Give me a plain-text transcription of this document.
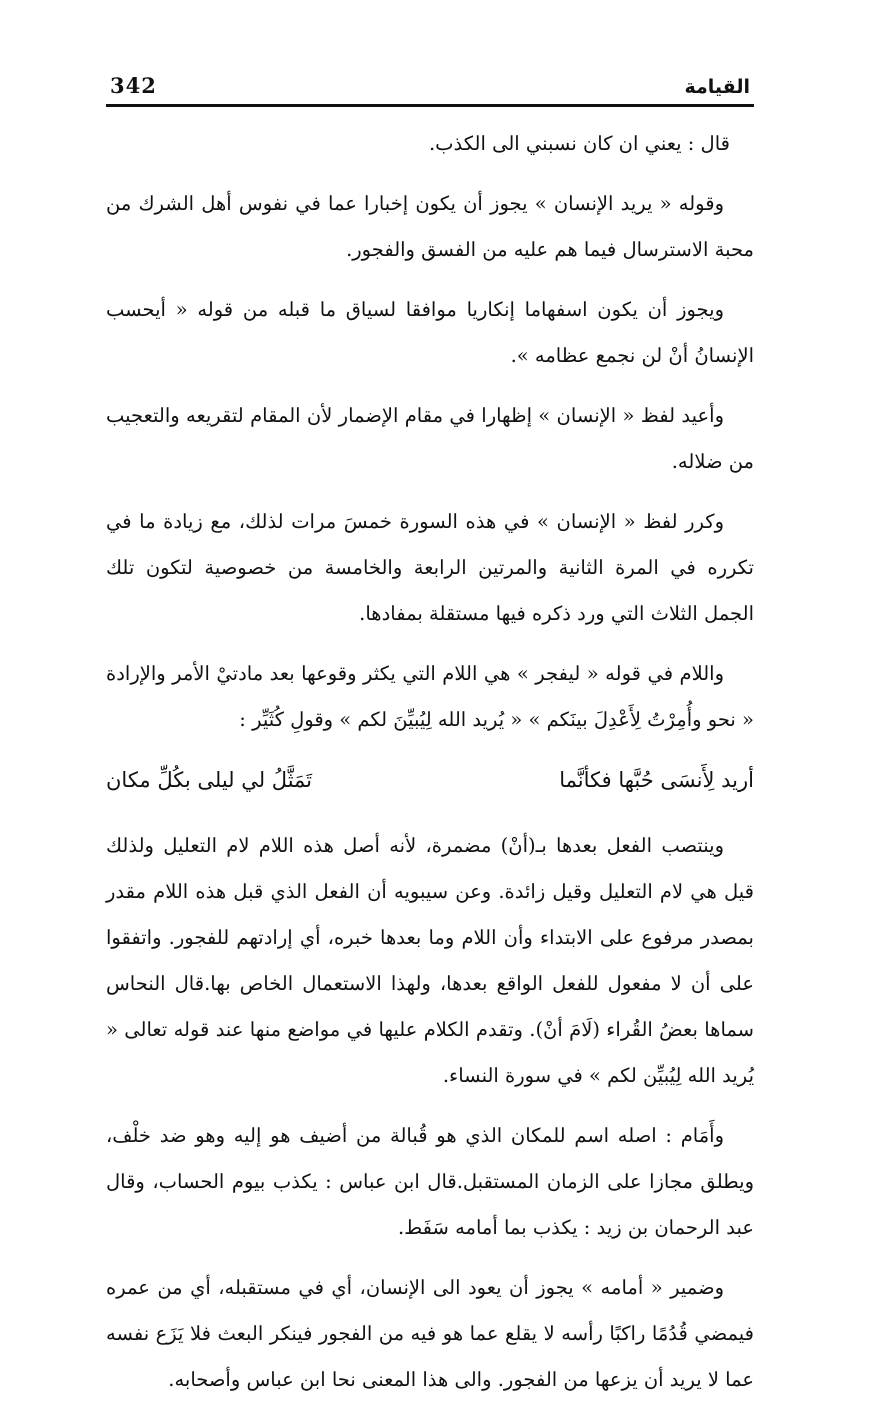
342	القيامة

قال : يعني ان كان نسبني الى الكذب.

وقوله « يريد الإنسان » يجوز أن يكون إخبارا عما في نفوس أهل الشرك من محبة الاسترسال فيما هم عليه من الفسق والفجور.

ويجوز أن يكون اسفهاما إنكاريا موافقا لسياق ما قبله من قوله « أيحسب الإنسانُ أنْ لن نجمع عظامه ».

وأعيد لفظ « الإنسان » إظهارا في مقام الإضمار لأن المقام لتقريعه والتعجيب من ضلاله.

وكرر لفظ « الإنسان » في هذه السورة خمسَ مرات لذلك، مع زيادة ما في تكرره في المرة الثانية والمرتين الرابعة والخامسة من خصوصية لتكون تلك الجمل الثلاث التي ورد ذكره فيها مستقلة بمفادها.

واللام في قوله « ليفجر » هي اللام التي يكثر وقوعها بعد مادتيْ الأمر والإرادة « نحو وأُمِرْتُ لِأَعْدِلَ بينَكم » « يُريد الله لِيُبيِّنَ لكم » وقولِ كُثَيِّر :

أريد لِأَنسَى حُبَّها فكأنَّما
تَمَثَّلُ لي ليلى بكُلِّ مكان

وينتصب الفعل بعدها بـ(أنْ) مضمرة، لأنه أصل هذه اللام لام التعليل ولذلك قيل هي لام التعليل وقيل زائدة. وعن سيبويه أن الفعل الذي قبل هذه اللام مقدر بمصدر مرفوع على الابتداء وأن اللام وما بعدها خبره، أي إرادتهم للفجور. واتفقوا على أن لا مفعول للفعل الواقع بعدها، ولهذا الاستعمال الخاص بها.قال النحاس سماها بعضُ القُراء (لَامَ أنْ). وتقدم الكلام عليها في مواضع منها عند قوله تعالى « يُريد الله لِيُبيِّن لكم » في سورة النساء.

وأَمَام : اصله اسم للمكان الذي هو قُبالة من أضيف هو إليه وهو ضد خلْف، ويطلق مجازا على الزمان المستقبل.قال ابن عباس : يكذب بيوم الحساب، وقال عبد الرحمان بن زيد : يكذب بما أمامه سَفَط.

وضمير « أمامه » يجوز أن يعود الى الإنسان، أي في مستقبله، أي من عمره فيمضي قُدُمًا راكبًا رأسه لا يقلع عما هو فيه من الفجور فينكر البعث فلا يَزَع نفسه عما لا يريد أن يزعها من الفجور. والى هذا المعنى نحا ابن عباس وأصحابه.
